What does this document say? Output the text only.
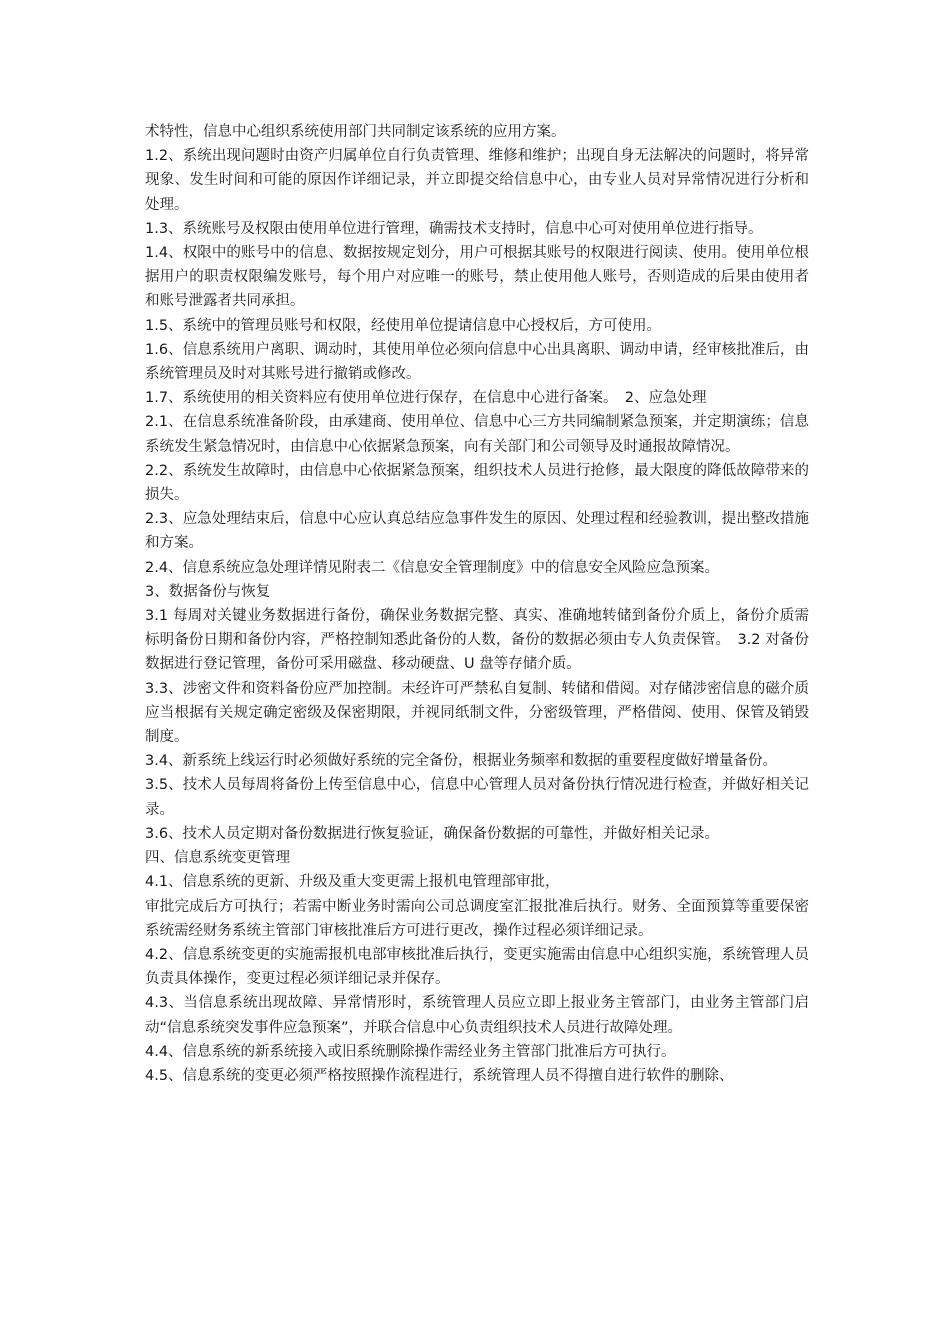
术特性，信息中心组织系统使用部门共同制定该系统的应用方案。

1.2、系统出现问题时由资产归属单位自行负责管理、维修和维护；出现自身无法解决的问题时，将异常现象、发生时间和可能的原因作详细记录，并立即提交给信息中心，由专业人员对异常情况进行分析和处理。

1.3、系统账号及权限由使用单位进行管理，确需技术支持时，信息中心可对使用单位进行指导。

1.4、权限中的账号中的信息、数据按规定划分，用户可根据其账号的权限进行阅读、使用。使用单位根据用户的职责权限编发账号，每个用户对应唯一的账号，禁止使用他人账号，否则造成的后果由使用者和账号泄露者共同承担。

1.5、系统中的管理员账号和权限，经使用单位提请信息中心授权后，方可使用。

1.6、信息系统用户离职、调动时，其使用单位必须向信息中心出具离职、调动申请，经审核批准后，由系统管理员及时对其账号进行撤销或修改。

1.7、系统使用的相关资料应有使用单位进行保存，在信息中心进行备案。　2、应急处理

2.1、在信息系统准备阶段，由承建商、使用单位、信息中心三方共同编制紧急预案，并定期演练；信息系统发生紧急情况时，由信息中心依据紧急预案，向有关部门和公司领导及时通报故障情况。

2.2、系统发生故障时，由信息中心依据紧急预案，组织技术人员进行抢修，最大限度的降低故障带来的损失。

2.3、应急处理结束后，信息中心应认真总结应急事件发生的原因、处理过程和经验教训，提出整改措施和方案。

2.4、信息系统应急处理详情见附表二《信息安全管理制度》中的信息安全风险应急预案。

3、数据备份与恢复

3.1 每周对关键业务数据进行备份，确保业务数据完整、真实、准确地转储到备份介质上，备份介质需标明备份日期和备份内容，严格控制知悉此备份的人数，备份的数据必须由专人负责保管。　3.2 对备份数据进行登记管理，备份可采用磁盘、移动硬盘、U 盘等存储介质。

3.3、涉密文件和资料备份应严加控制。未经许可严禁私自复制、转储和借阅。对存储涉密信息的磁介质应当根据有关规定确定密级及保密期限，并视同纸制文件，分密级管理，严格借阅、使用、保管及销毁制度。

3.4、新系统上线运行时必须做好系统的完全备份，根据业务频率和数据的重要程度做好增量备份。

3.5、技术人员每周将备份上传至信息中心，信息中心管理人员对备份执行情况进行检查，并做好相关记录。

3.6、技术人员定期对备份数据进行恢复验证，确保备份数据的可靠性，并做好相关记录。

四、信息系统变更管理

4.1、信息系统的更新、升级及重大变更需上报机电管理部审批，

审批完成后方可执行；若需中断业务时需向公司总调度室汇报批准后执行。财务、全面预算等重要保密系统需经财务系统主管部门审核批准后方可进行更改，操作过程必须详细记录。

4.2、信息系统变更的实施需报机电部审核批准后执行，变更实施需由信息中心组织实施，系统管理人员负责具体操作，变更过程必须详细记录并保存。

4.3、当信息系统出现故障、异常情形时，系统管理人员应立即上报业务主管部门，由业务主管部门启动“信息系统突发事件应急预案”，并联合信息中心负责组织技术人员进行故障处理。

4.4、信息系统的新系统接入或旧系统删除操作需经业务主管部门批准后方可执行。

4.5、信息系统的变更必须严格按照操作流程进行，系统管理人员不得擅自进行软件的删除、
